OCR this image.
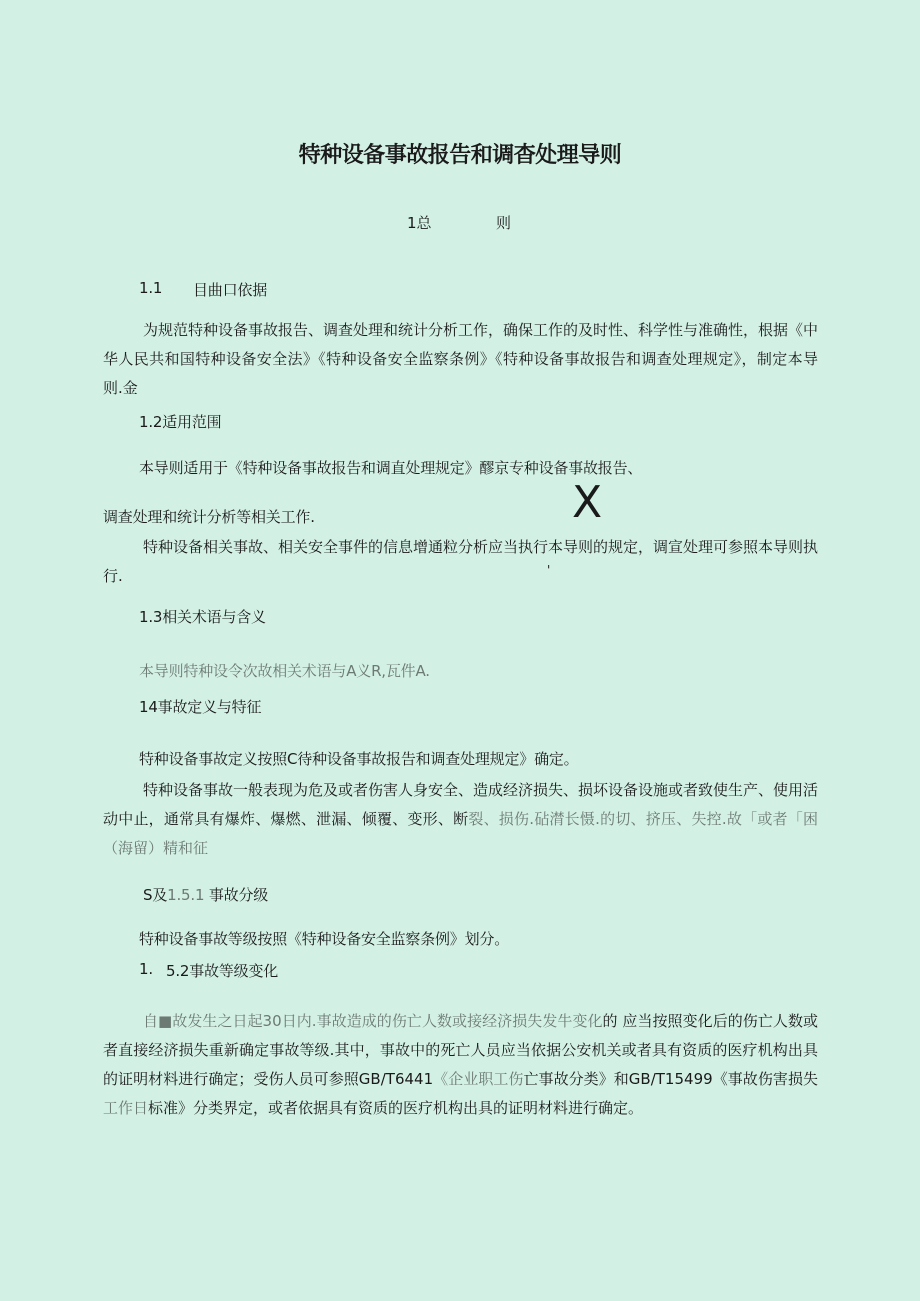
特种设备事故报告和调杳处理导则
1总	则
1.1 目曲口依据

为规范特种设备事故报告、调查处理和统计分析工作，确保工作的及时性、科学性与准确性，根据《中华人民共和国特种设备安全法》《特种设备安全监察条例》《特种设备事故报告和调查处理规定》，制定本导则.金

1.2适用范围
本导则适用于《特种设备事故报告和调直处理规定》醪京专种设备事故报告、
调查处理和统计分析等相关工作.	X

特种设备相关事故、相关安全事件的信息增通粒分析应当执行本导则的规定，调宣处理可参照本导则执行.	'
1.3相关术语与含义
本导则特种设令次故相关术语与A义R,瓦件A.
14事故定义与特征
特种设备事故定义按照C待种设备事故报告和调查处理规定》确定。

特种设备事故一般表现为危及或者伤害人身安全、造成经济损失、损坏设备设施或者致使生产、使用活动中止，通常具有爆炸、爆燃、泄漏、倾覆、变形、断裂、损伤.砧潸长慑.的切、挤压、失控.故「或者「困（海留）精和征

S及1.5.1 事故分级
特种设备事故等级按照《特种设备安全监察条例》划分。
1. 5.2事故等级变化

自■故发生之日起30日内.事故造成的伤亡人数或接经济损失发牛变化的 应当按照变化后的伤亡人数或者直接经济损失重新确定事故等级.其中，事故中的死亡人员应当依据公安机关或者具有资质的医疗机构出具的证明材料进行确定；受伤人员可参照GB/T6441《企业职工伤亡事故分类》和GB/T15499《事故伤害损失工作日标准》分类界定，或者依据具有资质的医疗机构出具的证明材料进行确定。
